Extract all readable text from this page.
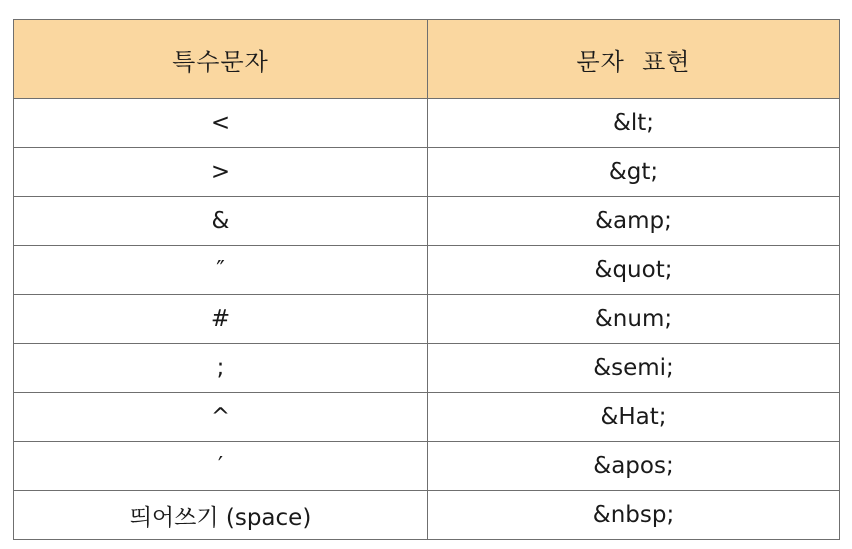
특수문자	문자  표현
<	&lt;
>	&gt;
&	&amp;
″	&quot;
#	&num;
;	&semi;
^	&Hat;
′	&apos;
띄어쓰기 (space)	&nbsp;
